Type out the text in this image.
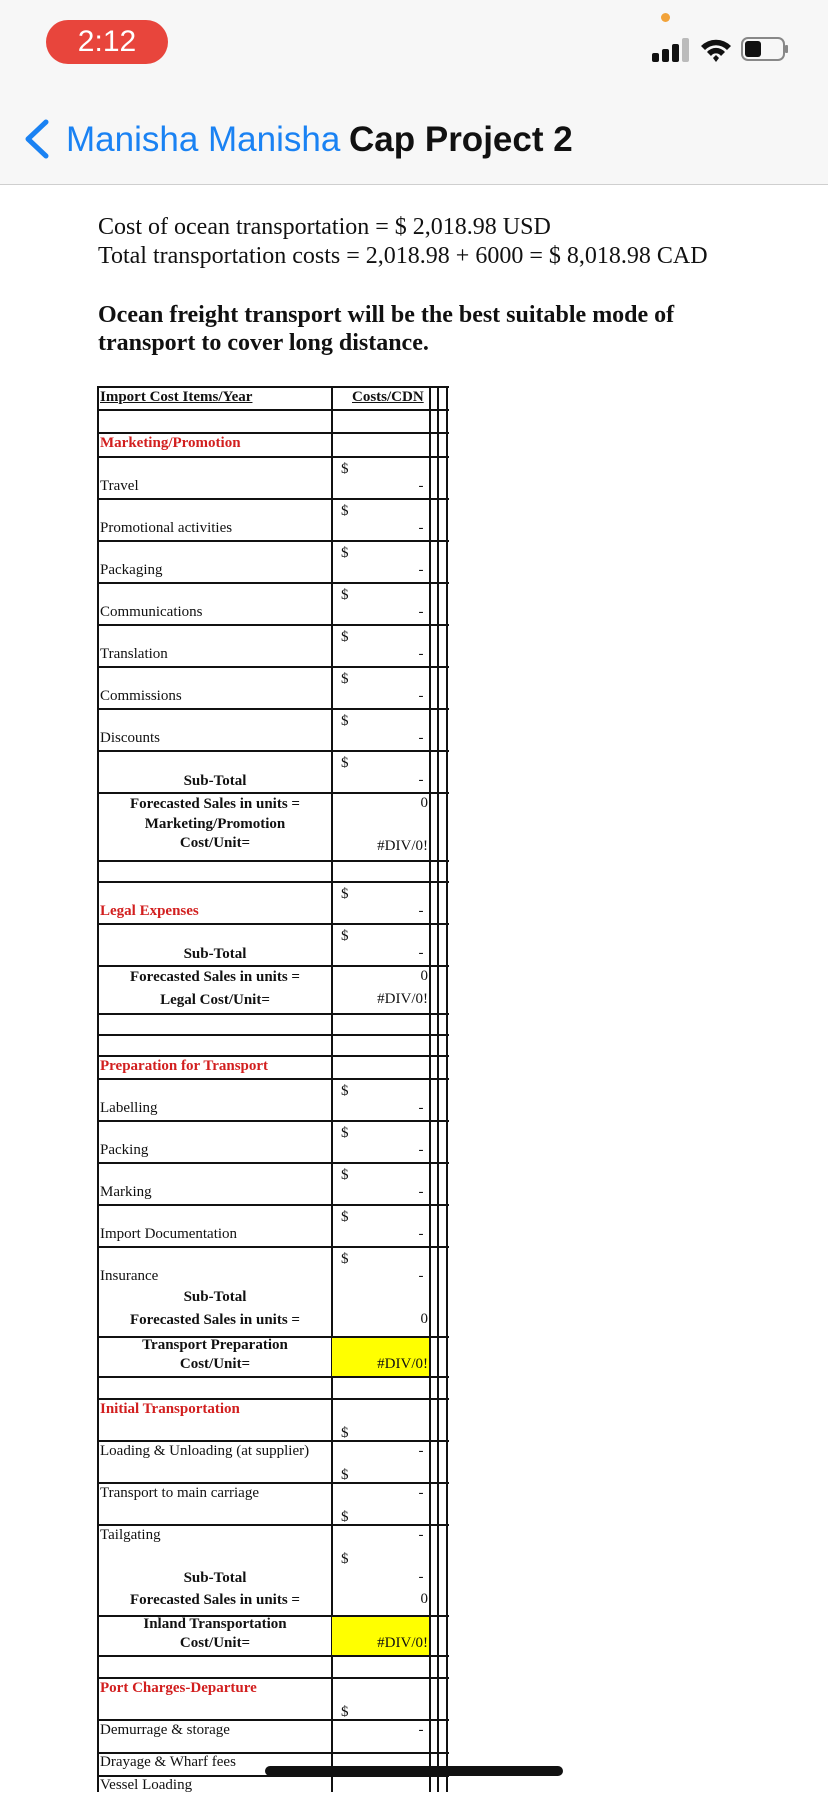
2:12
Manisha Manisha Cap Project 2
Cost of ocean transportation = $ 2,018.98 USD
Total transportation costs = 2,018.98 + 6000 = $ 8,018.98 CAD
Ocean freight transport will be the best suitable mode of
transport to cover long distance.
Import Cost Items/Year	Costs/CDN
Marketing/Promotion
$
Travel	-
$
Promotional activities	-
$
Packaging	-
$
Communications	-
$
Translation	-
$
Commissions	-
$
Discounts	-
$
Sub-Total	-
Forecasted Sales in units =	0
Marketing/Promotion
Cost/Unit=	#DIV/0!
$
Legal Expenses	-
$
Sub-Total	-
Forecasted Sales in units =	0
Legal Cost/Unit=	#DIV/0!
Preparation for Transport
$
Labelling	-
$
Packing	-
$
Marking	-
$
Import Documentation	-
$
Insurance	-
Sub-Total
Forecasted Sales in units =	0
Transport Preparation
Cost/Unit=	#DIV/0!
Initial Transportation
$
Loading & Unloading (at supplier)	-
$
Transport to main carriage	-
$
Tailgating	-
$
Sub-Total	-
Forecasted Sales in units =	0
Inland Transportation
Cost/Unit=	#DIV/0!
Port Charges-Departure
$
Demurrage & storage	-
Drayage & Wharf fees
Vessel Loading
